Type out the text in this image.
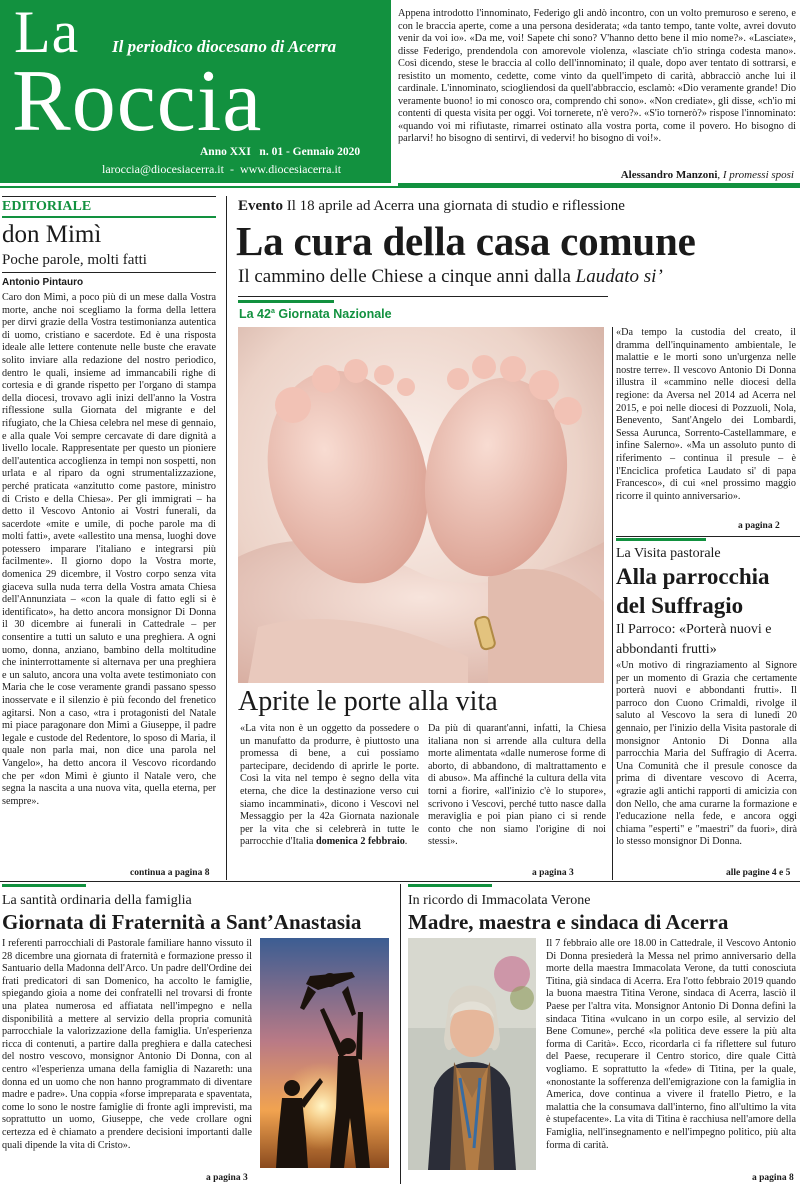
La Il periodico diocesano di Acerra
Roccia
Anno XXI   n. 01 - Gennaio 2020
laroccia@diocesiacerra.it  -  www.diocesiacerra.it
Appena introdotto l'innominato, Federigo gli andò incontro, con un volto premuroso e sereno, e con le braccia aperte, come a una persona desiderata; «da tanto tempo, tante volte, avrei dovuto venir da voi io». «Da me, voi! Sapete chi sono? V'hanno detto bene il mio nome?». «Lasciate», disse Federigo, prendendola con amorevole violenza, «lasciate ch'io stringa codesta mano». Così dicendo, stese le braccia al collo dell'innominato; il quale, dopo aver tentato di sottrarsi, e resistito un momento, cedette, come vinto da quell'impeto di carità, abbracciò anche lui il cardinale. L'innominato, sciogliendosi da quell'abbraccio, esclamò: «Dio veramente grande! Dio veramente buono! io mi conosco ora, comprendo chi sono». «Non crediate», gli disse, «ch'io mi contenti di questa visita per oggi. Voi tornerete, n'è vero?». «S'io tornerò?» rispose l'innominato: «quando voi mi rifiutaste, rimarrei ostinato alla vostra porta, come il povero. Ho bisogno di parlarvi! ho bisogno di sentirvi, di vedervi! ho bisogno di voi!».
Alessandro Manzoni, I promessi sposi
EDITORIALE
don Mimì
Poche parole, molti fatti
Antonio Pintauro
Caro don Mimì, a poco più di un mese dalla Vostra morte, anche noi scegliamo la forma della lettera per dirvi grazie della Vostra testimonianza autentica di uomo, cristiano e sacerdote. Ed è una risposta ideale alle lettere contenute nelle buste che eravate solito inviare alla redazione del nostro periodico, dentro le quali, insieme ad immancabili righe di cortesia e di grande rispetto per l'organo di stampa della diocesi, trovavo agli inizi dell'anno la Vostra riflessione sulla Giornata del migrante e del rifugiato, che la Chiesa celebra nel mese di gennaio, e alla quale Voi sempre cercavate di dare dignità a livello locale. Rappresentate per questo un pioniere dell'autentica accoglienza in tempi non sospetti, non urlata e al riparo da ogni strumentalizzazione, perché praticata «anzitutto come pastore, ministro di Cristo e della Chiesa». Per gli immigrati – ha detto il Vescovo Antonio ai Vostri funerali, da sacerdote «mite e umile, di poche parole ma di molti fatti», avete «allestito una mensa, luoghi dove potessero imparare l'italiano e integrarsi più facilmente». Il giorno dopo la Vostra morte, domenica 29 dicembre, il Vostro corpo senza vita giaceva sulla nuda terra della Vostra amata Chiesa dell'Annunziata – «con la quale di fatto egli si è identificato», ha detto ancora monsignor Di Donna il 30 dicembre ai funerali in Cattedrale – per consentire a tutti un saluto e una preghiera. A ogni uomo, donna, anziano, bambino della moltitudine che ininterrottamente si alternava per una preghiera e un saluto, ancora una volta avete testimoniato con Maria che le cose veramente grandi passano spesso inosservate e il silenzio è più fecondo del frenetico agitarsi. Non a caso, «tra i protagonisti del Natale mi piace paragonare don Mimì a Giuseppe, il padre legale e custode del Redentore, lo sposo di Maria, il quale non parla mai, non dice una parola nel Vangelo», ha detto ancora il Vescovo ricordando che per «don Mimì è giunto il Natale vero, che segna la nascita a una nuova vita, quella eterna, per sempre».
continua a pagina 8
Evento Il 18 aprile ad Acerra una giornata di studio e riflessione
La cura della casa comune
Il cammino delle Chiese a cinque anni dalla Laudato si’
La 42$^a$ Giornata Nazionale
Aprite le porte alla vita
«La vita non è un oggetto da possedere o un manufatto da produrre, è piuttosto una promessa di bene, a cui possiamo partecipare, decidendo di aprirle le porte. Così la vita nel tempo è segno della vita eterna, che dice la destinazione verso cui siamo incamminati», dicono i Vescovi nel Messaggio per la 42a Giornata nazionale per la vita che si celebrerà in tutte le parrocchie d'Italia domenica 2 febbraio.
Da più di quarant'anni, infatti, la Chiesa italiana non si arrende alla cultura della morte alimentata «dalle numerose forme di aborto, di abbandono, di maltrattamento e di abuso». Ma affinché la cultura della vita torni a fiorire, «all'inizio c'è lo stupore», scrivono i Vescovi, perché tutto nasce dalla meraviglia e poi pian piano ci si rende conto che non siamo l'origine di noi stessi».
a pagina 3
«Da tempo la custodia del creato, il dramma dell'inquinamento ambientale, le malattie e le morti sono un'urgenza nelle nostre terre». Il vescovo Antonio Di Donna illustra il «cammino nelle diocesi della regione: da Aversa nel 2014 ad Acerra nel 2015, e poi nelle diocesi di Pozzuoli, Nola, Benevento, Sant'Angelo dei Lombardi, Sessa Aurunca, Sorrento-Castellammare, e infine Salerno». «Ma un assoluto punto di riferimento – continua il presule – è l'Enciclica profetica Laudato si' di papa Francesco», di cui «nel prossimo maggio ricorre il quinto anniversario».
a pagina 2
La Visita pastorale
Alla parrocchia del Suffragio
Il Parroco: «Porterà nuovi e abbondanti frutti»
«Un motivo di ringraziamento al Signore per un momento di Grazia che certamente porterà nuovi e abbondanti frutti». Il parroco don Cuono Crimaldi, rivolge il saluto al Vescovo la sera di lunedì 20 gennaio, per l'inizio della Visita pastorale di monsignor Antonio Di Donna alla parrocchia Maria del Suffragio di Acerra. Una Comunità che il presule conosce da prima di diventare vescovo di Acerra, «grazie agli antichi rapporti di amicizia con don Nello, che ama curarne la formazione e l'educazione nella fede, e ancora oggi chiama "esperti" e "maestri" da fuori», dirà lo stesso monsignor Di Donna.
alle pagine 4 e 5
La santità ordinaria della famiglia
Giornata di Fraternità a Sant’Anastasia
I referenti parrocchiali di Pastorale familiare hanno vissuto il 28 dicembre una giornata di fraternità e formazione presso il Santuario della Madonna dell'Arco. Un padre dell'Ordine dei frati predicatori di san Domenico, ha accolto le famiglie, spiegando gioia a nome dei confratelli nel trovarsi di fronte una platea numerosa ed affiatata nell'impegno e nella disponibilità a mettere al servizio della propria comunità parrocchiale la valorizzazione della famiglia. Un'esperienza ricca di contenuti, a partire dalla preghiera e dalla catechesi del nostro vescovo, monsignor Antonio Di Donna, con al centro «l'esperienza umana della famiglia di Nazareth: una donna ed un uomo che non hanno programmato di diventare madre e padre». Una coppia «forse impreparata e spaventata, come lo sono le nostre famiglie di fronte agli imprevisti, ma soprattutto un uomo, Giuseppe, che vede crollare ogni certezza ed è chiamato a prendere decisioni importanti dalle quali dipende la vita di Cristo».
a pagina 3
In ricordo di Immacolata Verone
Madre, maestra e sindaca di Acerra
Il 7 febbraio alle ore 18.00 in Cattedrale, il Vescovo Antonio Di Donna presiederà la Messa nel primo anniversario della morte della maestra Immacolata Verone, da tutti conosciuta Titina, già sindaca di Acerra. Era l'otto febbraio 2019 quando la buona maestra Titina Verone, sindaca di Acerra, lasciò il Paese per l'altra vita. Monsignor Antonio Di Donna definì la sindaca Titina «vulcano in un corpo esile, al servizio del Bene Comune», perché «la politica deve essere la più alta forma di Carità». Ecco, ricordarla ci fa riflettere sul futuro del Paese, recuperare il Centro storico, dire quale Città vogliamo. E soprattutto la «fede» di Titina, per la quale, «nonostante la sofferenza dell'emigrazione con la famiglia in America, dove continua a vivere il fratello Pietro, e la malattia che la consumava dall'interno, fino all'ultimo la vita è stupefacente». La vita di Titina è racchiusa nell'amore della Famiglia, nell'insegnamento e nell'impegno politico, più alta forma di carità.
a pagina 8
